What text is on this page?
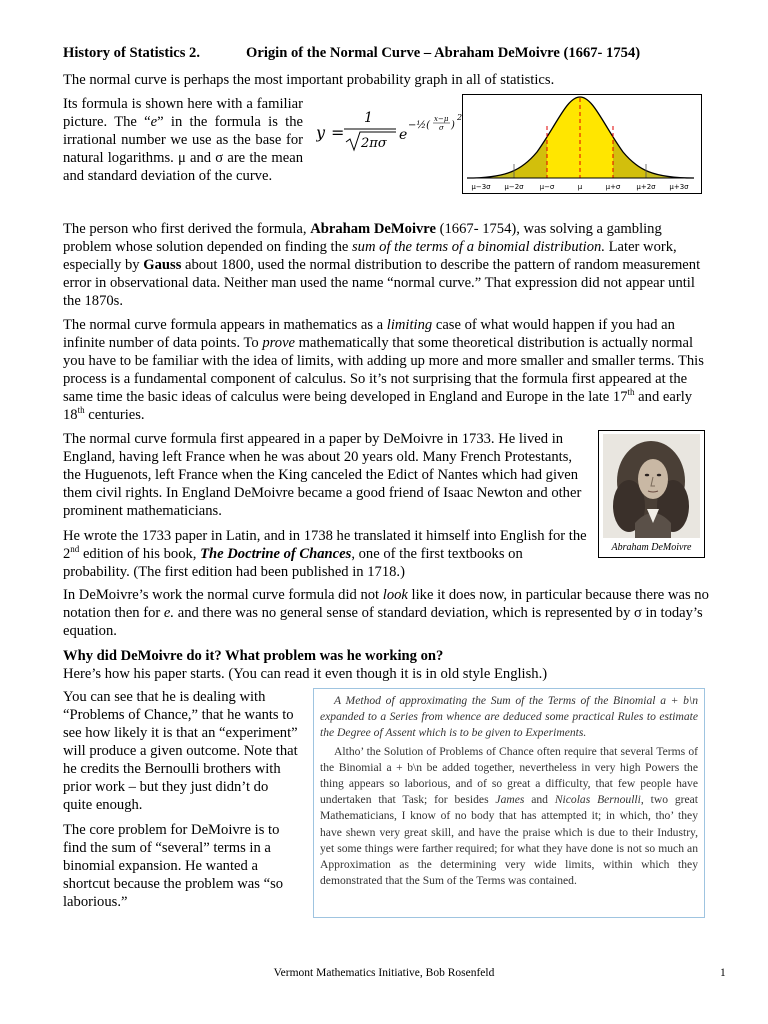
History of Statistics 2.	Origin of the Normal Curve – Abraham DeMoivre (1667- 1754)

The normal curve is perhaps the most important probability graph in all of statistics.

Its formula is shown here with a familiar picture. The “e” in the formula is the irrational number we use as the base for natural logarithms. μ and σ are the mean and standard deviation of the curve.

y =
1
2πσ
e
−½(
x−μ
σ )
2
μ−3σ μ−2σ μ−σ	μ	μ+σ μ+2σ μ+3σ

The person who first derived the formula, Abraham DeMoivre (1667- 1754), was solving a gambling problem whose solution depended on finding the sum of the terms of a binomial distribution. Later work, especially by Gauss about 1800, used the normal distribution to describe the pattern of random measurement error in observational data. Neither man used the name “normal curve.” That expression did not appear until the 1870s.

The normal curve formula appears in mathematics as a limiting case of what would happen if you had an infinite number of data points. To prove mathematically that some theoretical distribution is actually normal you have to be familiar with the idea of limits, with adding up more and more smaller and smaller terms. This process is a fundamental component of calculus. So it’s not surprising that the formula first appeared at the same time the basic ideas of calculus were being developed in England and Europe in the late 17th and early 18th centuries.

The normal curve formula first appeared in a paper by DeMoivre in 1733. He lived in England, having left France when he was about 20 years old. Many French Protestants, the Huguenots, left France when the King canceled the Edict of Nantes which had given them civil rights. In England DeMoivre became a good friend of Isaac Newton and other prominent mathematicians.

He wrote the 1733 paper in Latin, and in 1738 he translated it himself into English for the 2nd edition of his book, The Doctrine of Chances, one of the first textbooks on probability. (The first edition had been published in 1718.)

Abraham DeMoivre

In DeMoivre’s work the normal curve formula did not look like it does now, in particular because there was no notation then for e. and there was no general sense of standard deviation, which is represented by σ in today’s equation.

Why did DeMoivre do it? What problem was he working on?

Here’s how his paper starts. (You can read it even though it is in old style English.)

You can see that he is dealing with “Problems of Chance,” that he wants to see how likely it is that an “experiment” will produce a given outcome. Note that he credits the Bernoulli brothers with prior work – but they just didn’t do quite enough.

The core problem for DeMoivre is to find the sum of “several” terms in a binomial expansion. He wanted a shortcut because the problem was “so laborious.”

A Method of approximating the Sum of the Terms of the Binomial a + b\n expanded to a Series from whence are deduced some practical Rules to estimate the Degree of Assent which is to be given to Experiments.

Altho’ the Solution of Problems of Chance often require that several Terms of the Binomial a + b\n be added together, nevertheless in very high Powers the thing appears so laborious, and of so great a difficulty, that few people have undertaken that Task; for besides James and Nicolas Bernoulli, two great Mathematicians, I know of no body that has attempted it; in which, tho’ they have shewn very great skill, and have the praise which is due to their Industry, yet some things were farther required; for what they have done is not so much an Approximation as the determining very wide limits, within which they demonstrated that the Sum of the Terms was contained.

Vermont Mathematics Initiative, Bob Rosenfeld	1
